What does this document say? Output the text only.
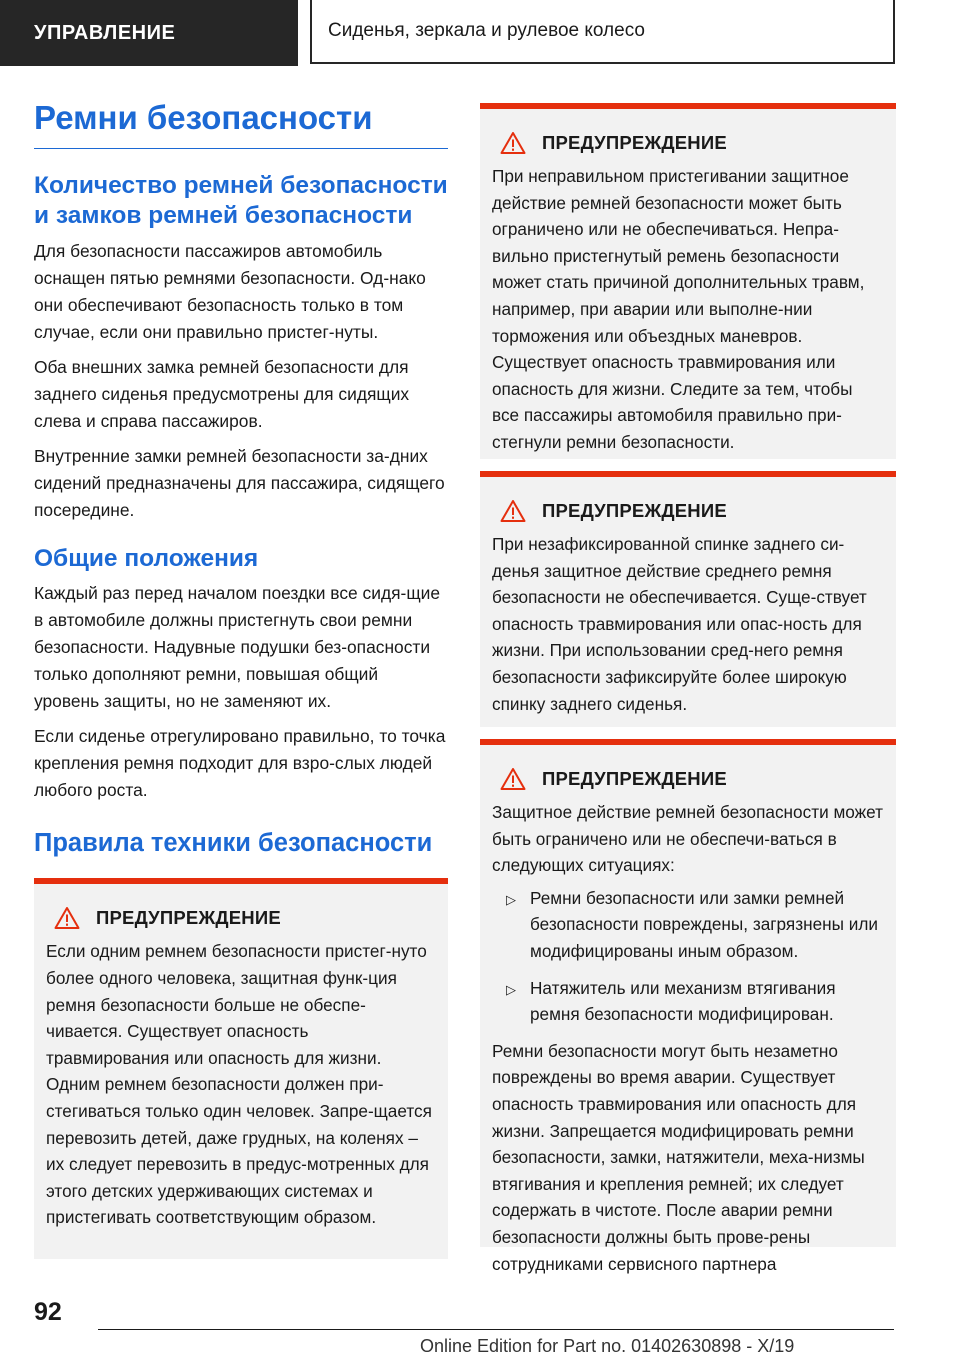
УПРАВЛЕНИЕ	Сиденья, зеркала и рулевое колесо
Ремни безопасности
Количество ремней безопасности и замков ремней безопасности

Для безопасности пассажиров автомобиль оснащен пятью ремнями безопасности. Од-нако они обеспечивают безопасность только в том случае, если они правильно пристег-нуты.

Оба внешних замка ремней безопасности для заднего сиденья предусмотрены для сидящих слева и справа пассажиров.

Внутренние замки ремней безопасности за-дних сидений предназначены для пассажира, сидящего посередине.

Общие положения

Каждый раз перед началом поездки все сидя-щие в автомобиле должны пристегнуть свои ремни безопасности. Надувные подушки без-опасности только дополняют ремни, повышая общий уровень защиты, но не заменяют их.

Если сиденье отрегулировано правильно, то точка крепления ремня подходит для взро-слых людей любого роста.

Правила техники безопасности
ПРЕДУПРЕЖДЕНИЕ

Если одним ремнем безопасности пристег-нуто более одного человека, защитная функ-ция ремня безопасности больше не обеспе-чивается. Существует опасность травмирования или опасность для жизни. Одним ремнем безопасности должен при-стегиваться только один человек. Запре-щается перевозить детей, даже грудных, на коленях – их следует перевозить в предус-мотренных для этого детских удерживающих системах и пристегивать соответствующим образом.

ПРЕДУПРЕЖДЕНИЕ

При неправильном пристегивании защитное действие ремней безопасности может быть ограничено или не обеспечиваться. Непра-вильно пристегнутый ремень безопасности может стать причиной дополнительных травм, например, при аварии или выполне-нии торможения или объездных маневров. Существует опасность травмирования или опасность для жизни. Следите за тем, чтобы все пассажиры автомобиля правильно при-стегнули ремни безопасности.

ПРЕДУПРЕЖДЕНИЕ

При незафиксированной спинке заднего си-денья защитное действие среднего ремня безопасности не обеспечивается. Суще-ствует опасность травмирования или опас-ность для жизни. При использовании сред-него ремня безопасности зафиксируйте более широкую спинку заднего сиденья.

ПРЕДУПРЕЖДЕНИЕ

Защитное действие ремней безопасности может быть ограничено или не обеспечи-ваться в следующих ситуациях:

▷ Ремни безопасности или замки ремней безопасности повреждены, загрязнены или модифицированы иным образом.
▷ Натяжитель или механизм втягивания ремня безопасности модифицирован.

Ремни безопасности могут быть незаметно повреждены во время аварии. Существует опасность травмирования или опасность для жизни. Запрещается модифицировать ремни безопасности, замки, натяжители, меха-низмы втягивания и крепления ремней; их следует содержать в чистоте. После аварии ремни безопасности должны быть прове-рены сотрудниками сервисного партнера

92
Online Edition for Part no. 01402630898 - X/19
